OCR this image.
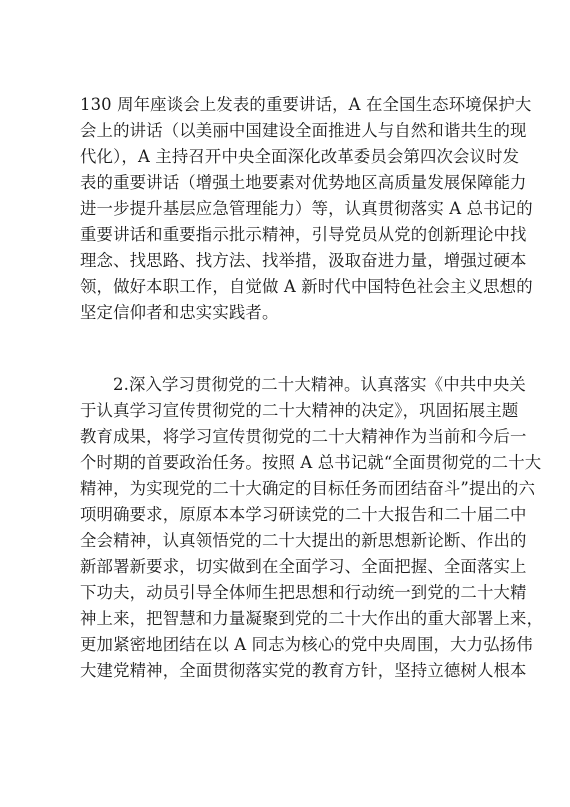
130 周年座谈会上发表的重要讲话，A 在全国生态环境保护大
会上的讲话（以美丽中国建设全面推进人与自然和谐共生的现
代化），A 主持召开中央全面深化改革委员会第四次会议时发
表的重要讲话（增强土地要素对优势地区高质量发展保障能力
进一步提升基层应急管理能力）等，认真贯彻落实 A 总书记的
重要讲话和重要指示批示精神，引导党员从党的创新理论中找
理念、找思路、找方法、找举措，汲取奋进力量，增强过硬本
领，做好本职工作，自觉做 A 新时代中国特色社会主义思想的
坚定信仰者和忠实实践者。
2.深入学习贯彻党的二十大精神。认真落实《中共中央关
于认真学习宣传贯彻党的二十大精神的决定》，巩固拓展主题
教育成果，将学习宣传贯彻党的二十大精神作为当前和今后一
个时期的首要政治任务。按照 A 总书记就“全面贯彻党的二十大
精神，为实现党的二十大确定的目标任务而团结奋斗”提出的六
项明确要求，原原本本学习研读党的二十大报告和二十届二中
全会精神，认真领悟党的二十大提出的新思想新论断、作出的
新部署新要求，切实做到在全面学习、全面把握、全面落实上
下功夫，动员引导全体师生把思想和行动统一到党的二十大精
神上来，把智慧和力量凝聚到党的二十大作出的重大部署上来，
更加紧密地团结在以 A 同志为核心的党中央周围，大力弘扬伟
大建党精神，全面贯彻落实党的教育方针，坚持立德树人根本
